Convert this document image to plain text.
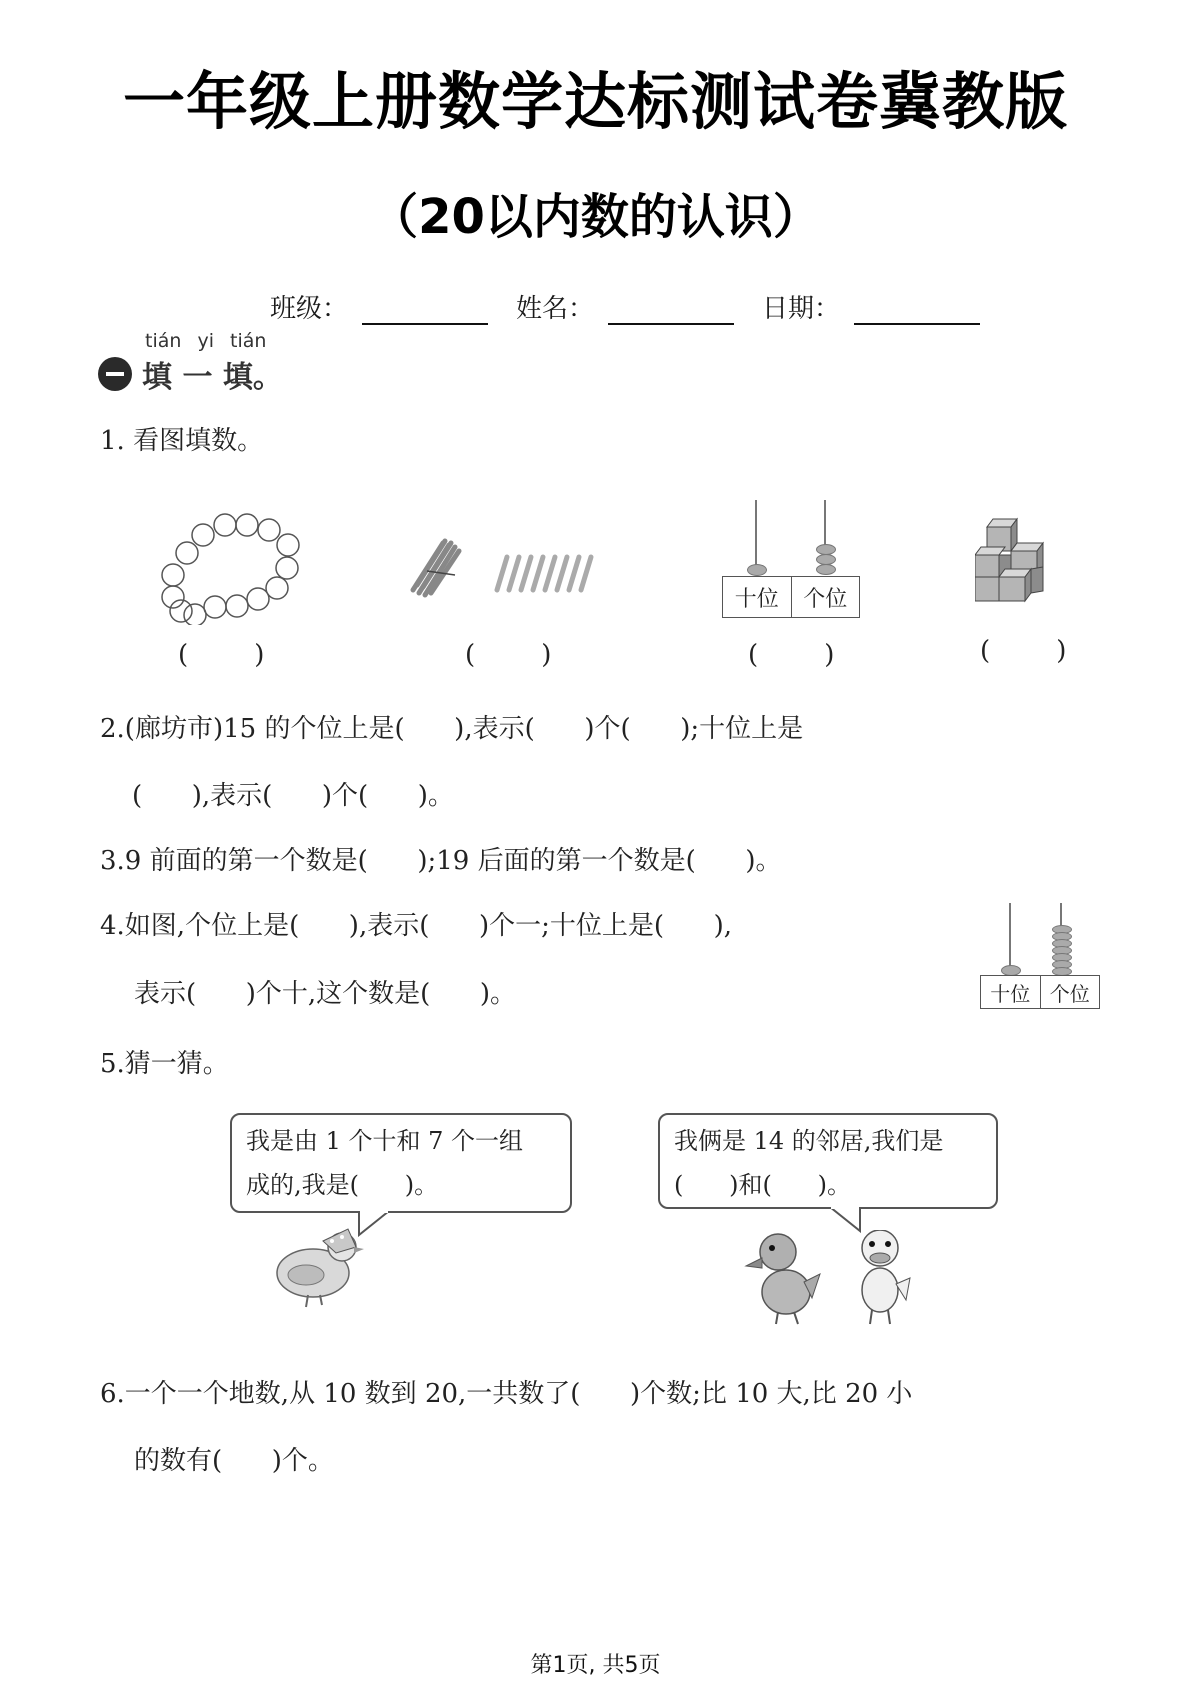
一年级上册数学达标测试卷冀教版
（20以内数的认识）
班级：	姓名：	日期：
tián yi tián
填 一 填。
1. 看图填数。
(        )	(        )
十位	个位
(        )	(        )
2.(廊坊市)15 的个位上是(      ),表示(      )个(      );十位上是
(      ),表示(      )个(      )。
3.9 前面的第一个数是(      );19 后面的第一个数是(      )。
4.如图,个位上是(      ),表示(      )个一;十位上是(      ),
表示(      )个十,这个数是(      )。	十位 个位
5.猜一猜。
我是由 1 个十和 7 个一组
成的,我是(      )。
我俩是 14 的邻居,我们是
(      )和(      )。
6.一个一个地数,从 10 数到 20,一共数了(      )个数;比 10 大,比 20 小
的数有(      )个。
第1页, 共5页
